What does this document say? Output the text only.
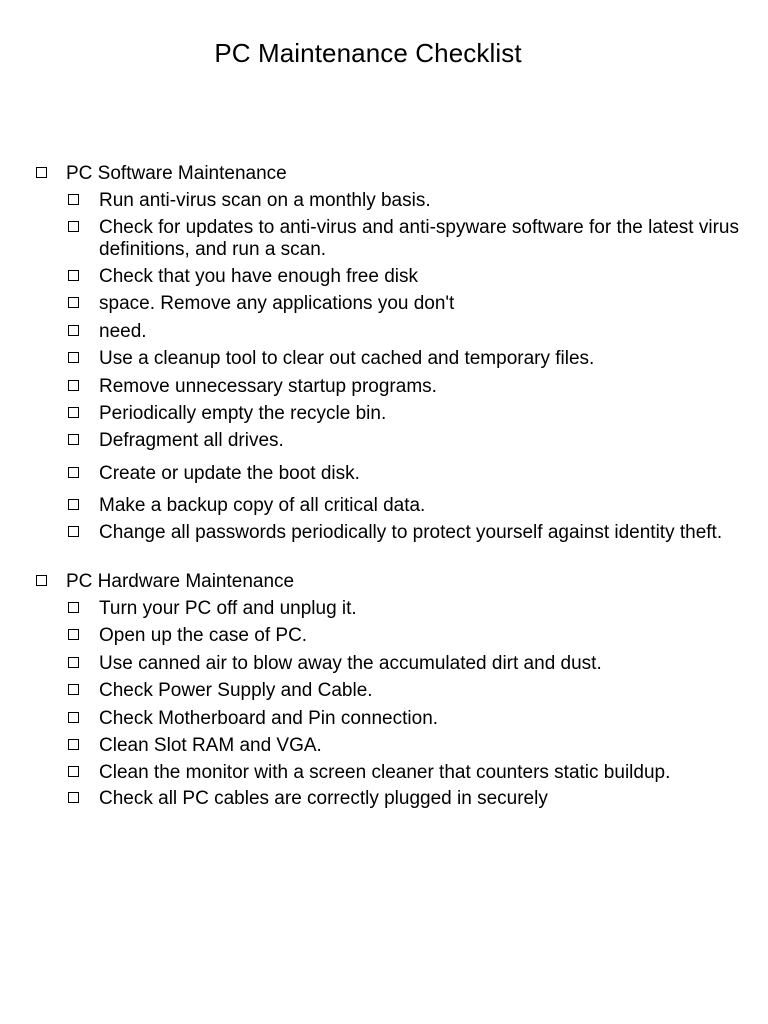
PC Maintenance Checklist
PC Software Maintenance
Run anti-virus scan on a monthly basis.
Check for updates to anti-virus and anti-spyware software for the latest virus definitions, and run a scan.
Check that you have enough free disk
space. Remove any applications you don't
need.
Use a cleanup tool to clear out cached and temporary files.
Remove unnecessary startup programs.
Periodically empty the recycle bin.
Defragment all drives.
Create or update the boot disk.
Make a backup copy of all critical data.
Change all passwords periodically to protect yourself against identity theft.
PC Hardware Maintenance
Turn your PC off and unplug it.
Open up the case of PC.
Use canned air to blow away the accumulated dirt and dust.
Check Power Supply and Cable.
Check Motherboard and Pin connection.
Clean Slot RAM and VGA.
Clean the monitor with a screen cleaner that counters static buildup.
Check all PC cables are correctly plugged in securely
